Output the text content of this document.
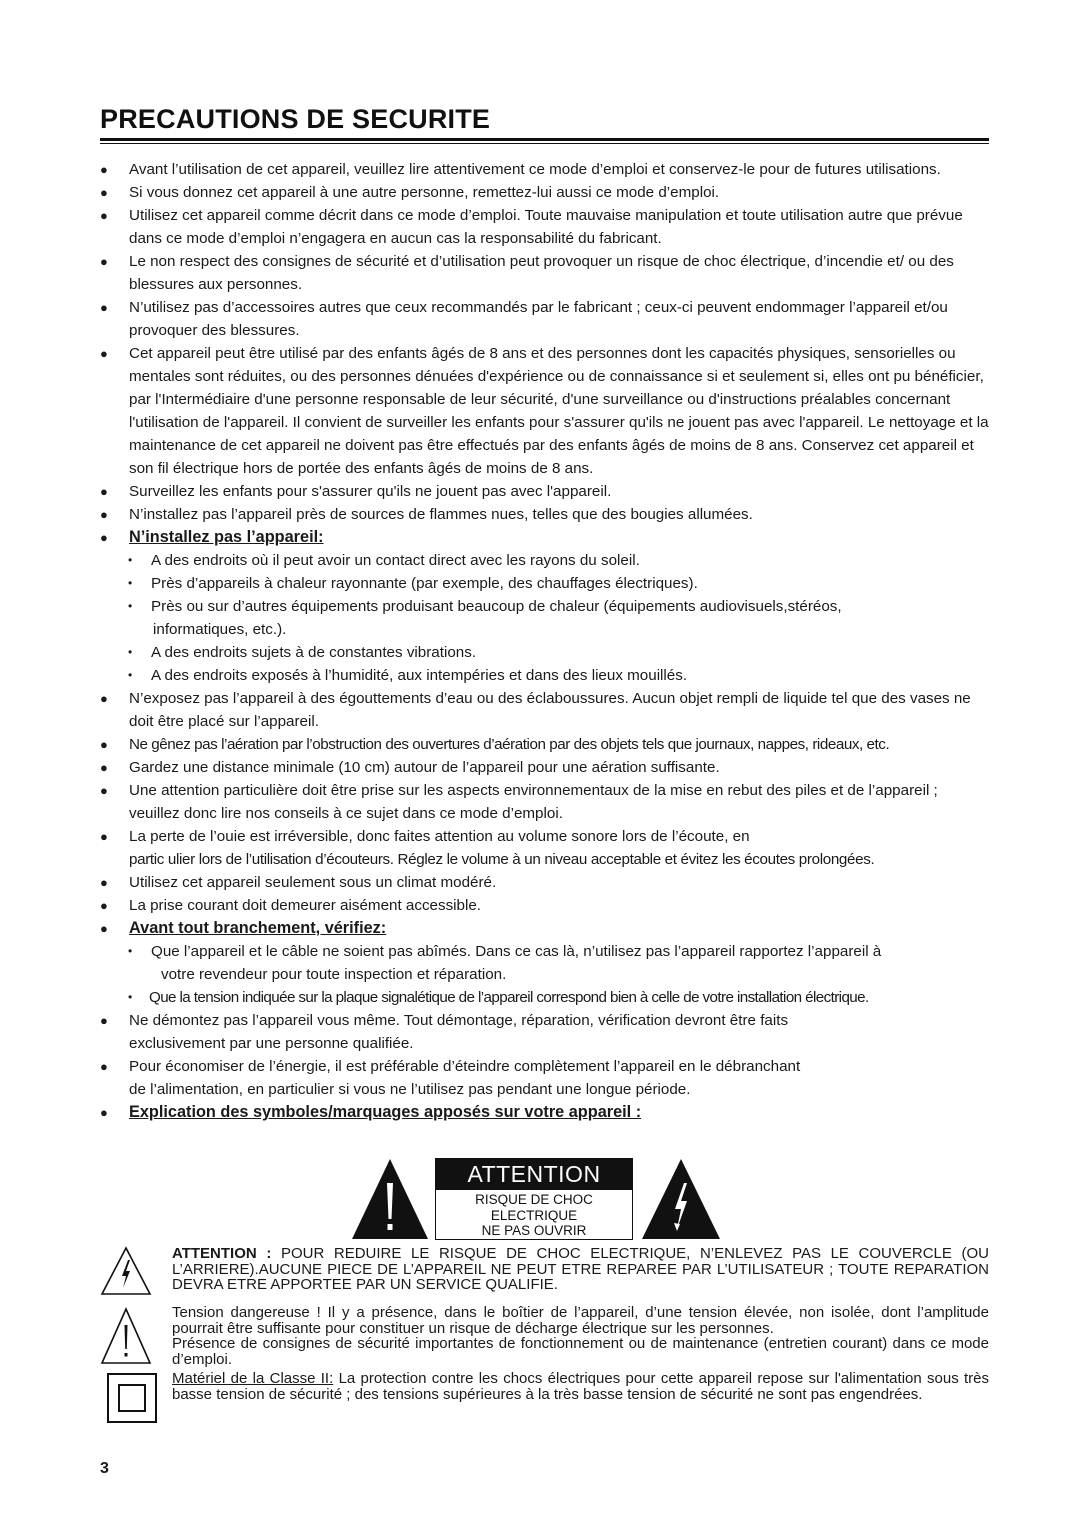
PRECAUTIONS DE SECURITE
● Avant l’utilisation de cet appareil, veuillez lire attentivement ce mode d’emploi et conservez-le pour de futures utilisations.
● Si vous donnez cet appareil à une autre personne, remettez-lui aussi ce mode d’emploi.
● Utilisez cet appareil comme décrit dans ce mode d’emploi. Toute mauvaise manipulation et toute utilisation autre que prévue dans ce mode d’emploi n’engagera en aucun cas la responsabilité du fabricant.
● Le non respect des consignes de sécurité et d’utilisation peut provoquer un risque de choc électrique, d’incendie et/ ou des blessures aux personnes.
● N’utilisez pas d’accessoires autres que ceux recommandés par le fabricant ; ceux-ci peuvent endommager l’appareil et/ou provoquer des blessures.
● Cet appareil peut être utilisé par des enfants âgés de 8 ans et des personnes dont les capacités physiques, sensorielles ou mentales sont réduites, ou des personnes dénuées d'expérience ou de connaissance si et seulement si, elles ont pu bénéficier, par l'Intermédiaire d'une personne responsable de leur sécurité, d'une surveillance ou d'instructions préalables concernant l'utilisation de l'appareil. Il convient de surveiller les enfants pour s'assurer qu'ils ne jouent pas avec l'appareil. Le nettoyage et la maintenance de cet appareil ne doivent pas être effectués par des enfants âgés de moins de 8 ans. Conservez cet appareil et son fil électrique hors de portée des enfants âgés de moins de 8 ans.
● Surveillez les enfants pour s'assurer qu'ils ne jouent pas avec l'appareil.
● N’installez pas l’appareil près de sources de flammes nues, telles que des bougies allumées.
● N’installez pas l’appareil:
• A des endroits où il peut avoir un contact direct avec les rayons du soleil.
• Près d’appareils à chaleur rayonnante (par exemple, des chauffages électriques).
• Près ou sur d’autres équipements produisant beaucoup de chaleur (équipements audiovisuels,stéréos,
informatiques, etc.).
• A des endroits sujets à de constantes vibrations.
• A des endroits exposés à l’humidité, aux intempéries et dans des lieux mouillés.
● N’exposez pas l’appareil à des égouttements d’eau ou des éclaboussures. Aucun objet rempli de liquide tel que des vases ne doit être placé sur l’appareil.
●	Ne gênez pas l’aération par l’obstruction des ouvertures d’aération par des objets tels que journaux, nappes, rideaux, etc.
● Gardez une distance minimale (10 cm) autour de l’appareil pour une aération suffisante.
● Une attention particulière doit être prise sur les aspects environnementaux de la mise en rebut des piles et de l’appareil ; veuillez donc lire nos conseils à ce sujet dans ce mode d’emploi.
● La perte de l’ouie est irréversible, donc faites attention au volume sonore lors de l’écoute, en
partic ulier lors de l’utilisation d’écouteurs. Réglez le volume à un niveau acceptable et évitez les écoutes prolongées.
● Utilisez cet appareil seulement sous un climat modéré.
● La prise courant doit demeurer aisément accessible.
● Avant tout branchement, vérifiez:
• Que l’appareil et le câble ne soient pas abîmés. Dans ce cas là, n’utilisez pas l’appareil rapportez l’appareil à
votre revendeur pour toute inspection et réparation.
• Que la tension indiquée sur la plaque signalétique de l’appareil correspond bien à celle de votre installation électrique.
● Ne démontez pas l’appareil vous même. Tout démontage, réparation, vérification devront être faits
exclusivement par une personne qualifiée.
● Pour économiser de l’énergie, il est préférable d’éteindre complètement l’appareil en le débranchant
de l’alimentation, en particulier si vous ne l’utilisez pas pendant une longue période.
● Explication des symboles/marquages apposés sur votre appareil :
ATTENTION
RISQUE DE CHOC
ELECTRIQUE
NE PAS OUVRIR
ATTENTION : POUR REDUIRE LE RISQUE DE CHOC ELECTRIQUE, N’ENLEVEZ PAS LE COUVERCLE (OU L’ARRIERE).AUCUNE PIECE DE L’APPAREIL NE PEUT ETRE REPAREE PAR L’UTILISATEUR ; TOUTE REPARATION DEVRA ETRE APPORTEE PAR UN SERVICE QUALIFIE.
Tension dangereuse ! Il y a présence, dans le boîtier de l’appareil, d’une tension élevée, non isolée, dont l’amplitude pourrait être suffisante pour constituer un risque de décharge électrique sur les personnes.
Présence de consignes de sécurité importantes de fonctionnement ou de maintenance (entretien courant) dans ce mode d’emploi.
Matériel de la Classe II: La protection contre les chocs électriques pour cette appareil repose sur l'alimentation sous très basse tension de sécurité ; des tensions supérieures à la très basse tension de sécurité ne sont pas engendrées.
3
